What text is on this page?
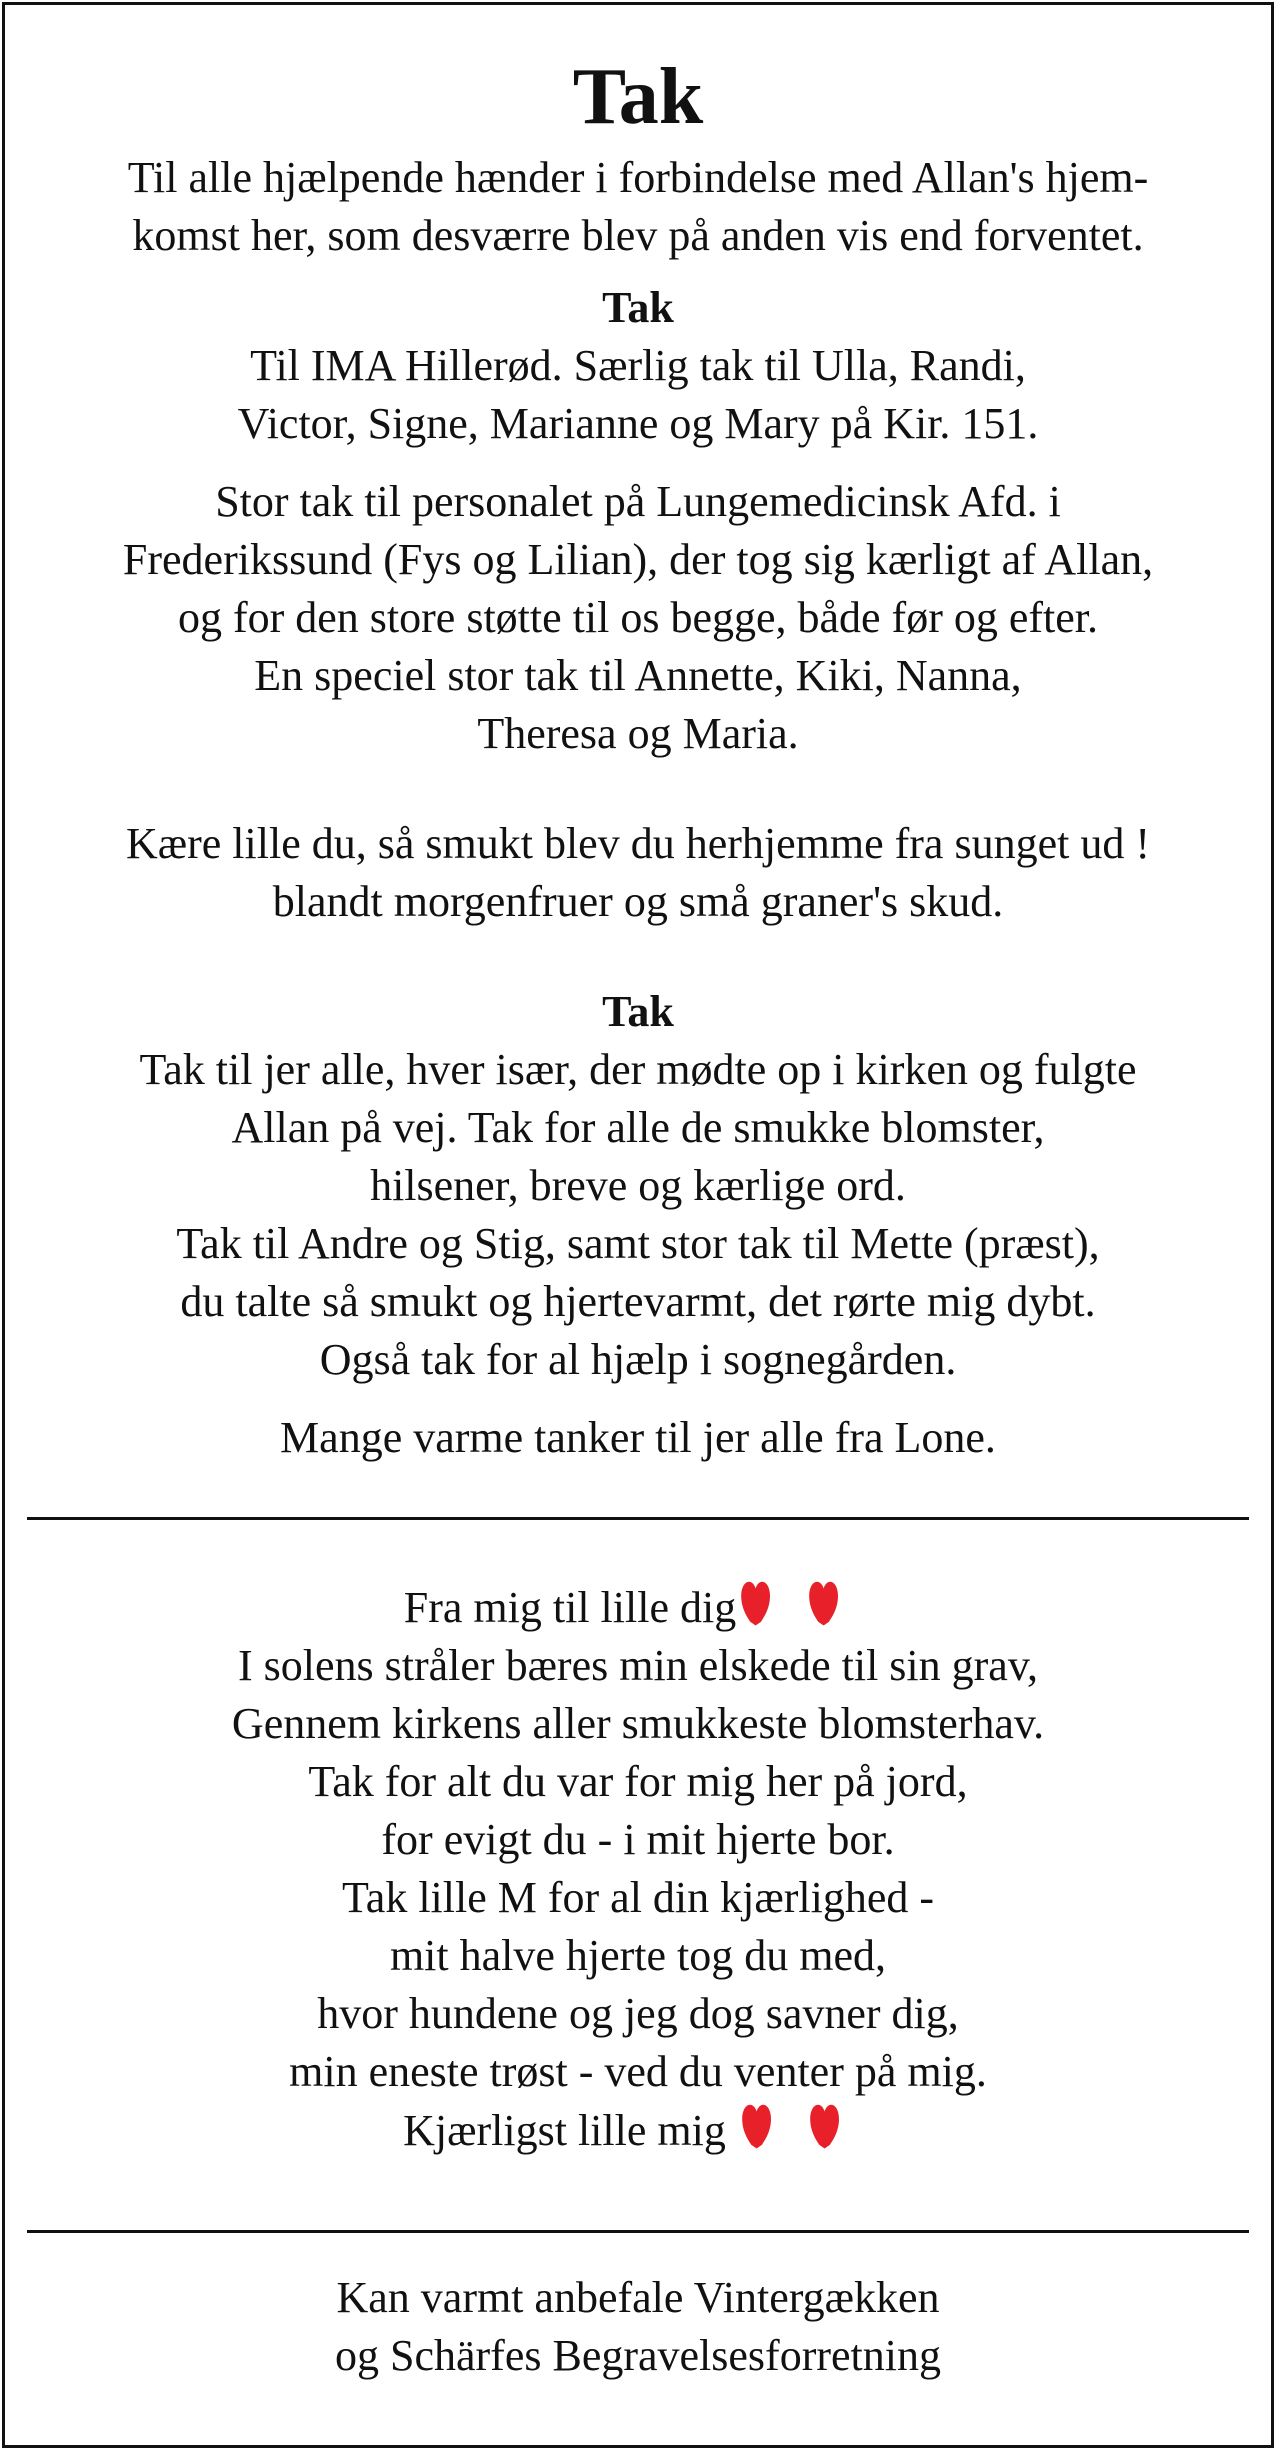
Tak

Til alle hjælpende hænder i forbindelse med Allan's hjem-
komst her, som desværre blev på anden vis end forventet.

Tak

Til IMA Hillerød. Særlig tak til Ulla, Randi,
Victor, Signe, Marianne og Mary på Kir. 151.

Stor tak til personalet på Lungemedicinsk Afd. i
Frederikssund (Fys og Lilian), der tog sig kærligt af Allan,
og for den store støtte til os begge, både før og efter.
En speciel stor tak til Annette, Kiki, Nanna,
Theresa og Maria.

Kære lille du, så smukt blev du herhjemme fra sunget ud !
blandt morgenfruer og små graner's skud.

Tak

Tak til jer alle, hver især, der mødte op i kirken og fulgte
Allan på vej. Tak for alle de smukke blomster,
hilsener, breve og kærlige ord.
Tak til Andre og Stig, samt stor tak til Mette (præst),
du talte så smukt og hjertevarmt, det rørte mig dybt.
Også tak for al hjælp i sognegården.

Mange varme tanker til jer alle fra Lone.

Fra mig til lille dig
I solens stråler bæres min elskede til sin grav,
Gennem kirkens aller smukkeste blomsterhav.
Tak for alt du var for mig her på jord,
for evigt du - i mit hjerte bor.
Tak lille M for al din kjærlighed -
mit halve hjerte tog du med,
hvor hundene og jeg dog savner dig,
min eneste trøst - ved du venter på mig.
Kjærligst lille mig

Kan varmt anbefale Vintergækken
og Schärfes Begravelsesforretning
